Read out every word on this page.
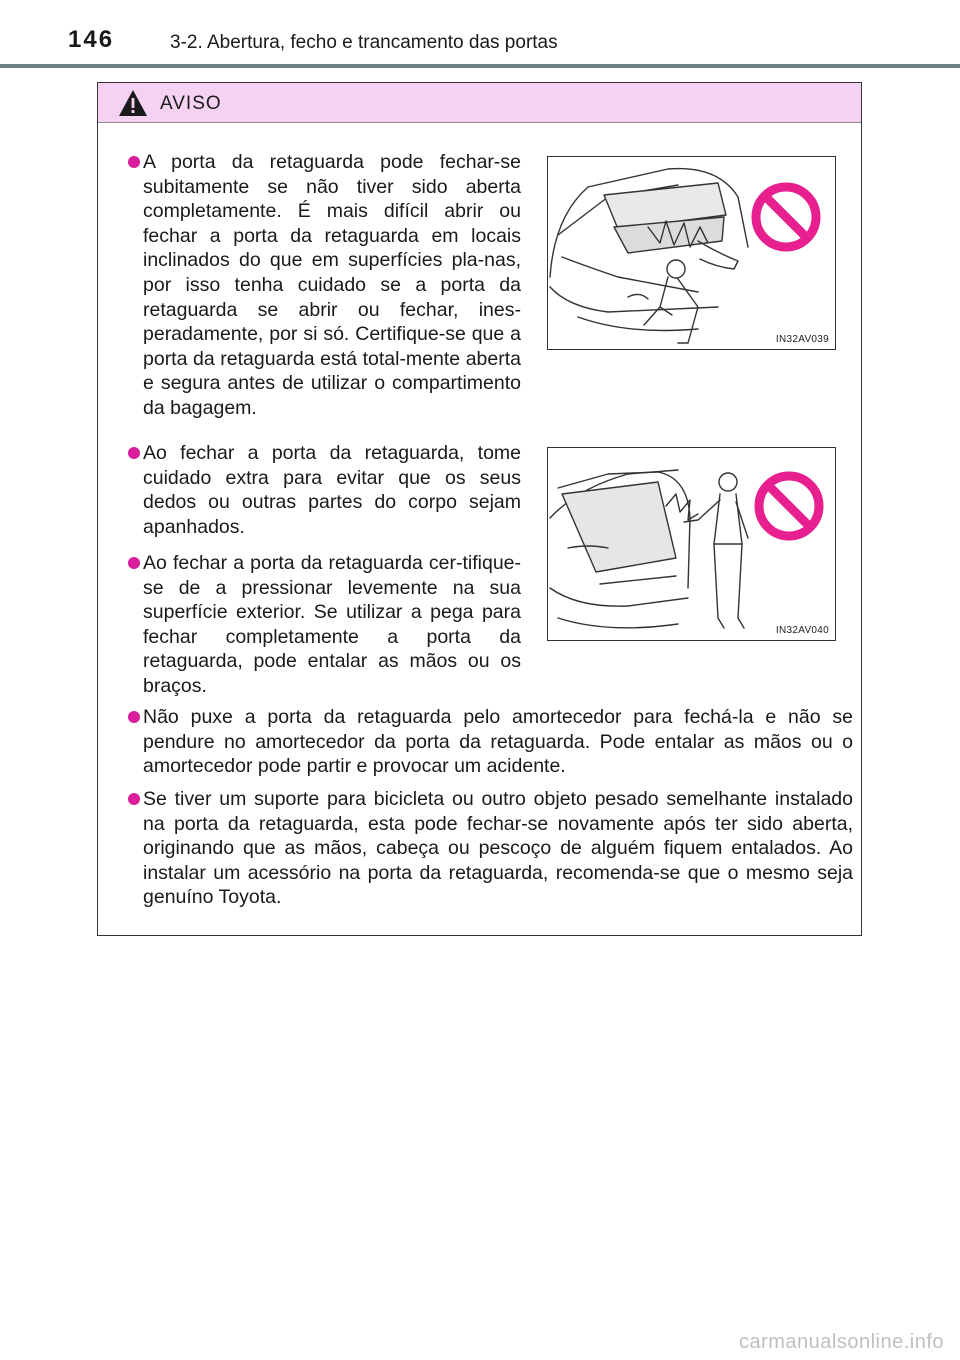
146	3-2. Abertura, fecho e trancamento das portas
AVISO

A porta da retaguarda pode fechar-se subitamente se não tiver sido aberta completamente. É mais difícil abrir ou fechar a porta da retaguarda em locais inclinados do que em superfícies pla-nas, por isso tenha cuidado se a porta da retaguarda se abrir ou fechar, ines-peradamente, por si só. Certifique-se que a porta da retaguarda está total-mente aberta e segura antes de utilizar o compartimento da bagagem.

IN32AV039

Ao fechar a porta da retaguarda, tome cuidado extra para evitar que os seus dedos ou outras partes do corpo sejam apanhados.

Ao fechar a porta da retaguarda cer-tifique-se de a pressionar levemente na sua superfície exterior. Se utilizar a pega para fechar completamente a porta da retaguarda, pode entalar as mãos ou os braços.

IN32AV040

Não puxe a porta da retaguarda pelo amortecedor para fechá-la e não se pendure no amortecedor da porta da retaguarda. Pode entalar as mãos ou o amortecedor pode partir e provocar um acidente.

Se tiver um suporte para bicicleta ou outro objeto pesado semelhante instalado na porta da retaguarda, esta pode fechar-se novamente após ter sido aberta, originando que as mãos, cabeça ou pescoço de alguém fiquem entalados. Ao instalar um acessório na porta da retaguarda, recomenda-se que o mesmo seja genuíno Toyota.

carmanualsonline.info
